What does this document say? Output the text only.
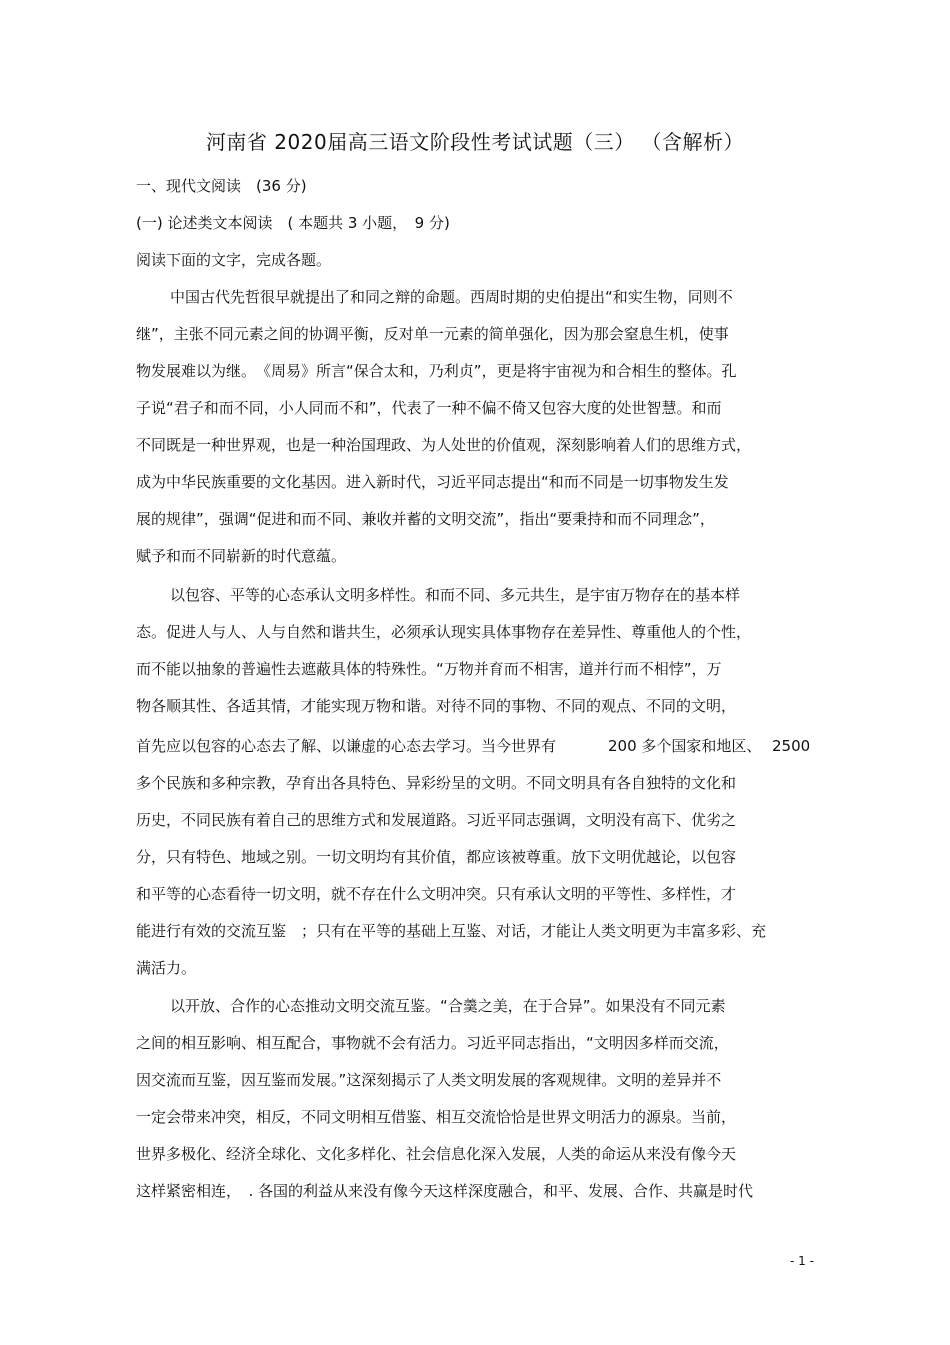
河南省 2020届高三语文阶段性考试试题（三） （含解析）
一、现代文阅读　(36 分)
(一) 论述类文本阅读　( 本题共 3 小题，　9 分)
阅读下面的文字，完成各题。
中国古代先哲很早就提出了和同之辩的命题。西周时期的史伯提出“和实生物，同则不
继”，主张不同元素之间的协调平衡，反对单一元素的简单强化，因为那会窒息生机，使事
物发展难以为继。　《周易》所言“保合太和，乃利贞”，更是将宇宙视为和合相生的整体。孔
子说“君子和而不同，小人同而不和”，代表了一种不偏不倚又包容大度的处世智慧。和而
不同既是一种世界观，也是一种治国理政、为人处世的价值观，深刻影响着人们的思维方式，
成为中华民族重要的文化基因。进入新时代，习近平同志提出“和而不同是一切事物发生发
展的规律”，强调“促进和而不同、兼收并蓄的文明交流”，指出“要秉持和而不同理念”，
赋予和而不同崭新的时代意蕴。
以包容、平等的心态承认文明多样性。和而不同、多元共生，是宇宙万物存在的基本样
态。促进人与人、人与自然和谐共生，必须承认现实具体事物存在差异性、尊重他人的个性，
而不能以抽象的普遍性去遮蔽具体的特殊性。“万物并育而不相害，道并行而不相悖”，万
物各顺其性、各适其情，才能实现万物和谐。对待不同的事物、不同的观点、不同的文明，
首先应以包容的心态去了解、以谦虚的心态去学习。当今世界有	200 多个国家和地区、 2500
多个民族和多种宗教，孕育出各具特色、异彩纷呈的文明。不同文明具有各自独特的文化和
历史，不同民族有着自己的思维方式和发展道路。习近平同志强调，文明没有高下、优劣之
分，只有特色、地域之别。一切文明均有其价值，都应该被尊重。放下文明优越论，以包容
和平等的心态看待一切文明，就不存在什么文明冲突。只有承认文明的平等性、多样性，才
能进行有效的交流互鉴　；只有在平等的基础上互鉴、对话，才能让人类文明更为丰富多彩、充
满活力。
以开放、合作的心态推动文明交流互鉴。“合羹之美，在于合异”。如果没有不同元素
之间的相互影响、相互配合，事物就不会有活力。习近平同志指出，“文明因多样而交流，
因交流而互鉴，因互鉴而发展。”这深刻揭示了人类文明发展的客观规律。文明的差异并不
一定会带来冲突，相反，不同文明相互借鉴、相互交流恰恰是世界文明活力的源泉。当前，
世界多极化、经济全球化、文化多样化、社会信息化深入发展，人类的命运从来没有像今天
这样紧密相连，　. 各国的利益从来没有像今天这样深度融合，和平、发展、合作、共赢是时代
- 1 -
